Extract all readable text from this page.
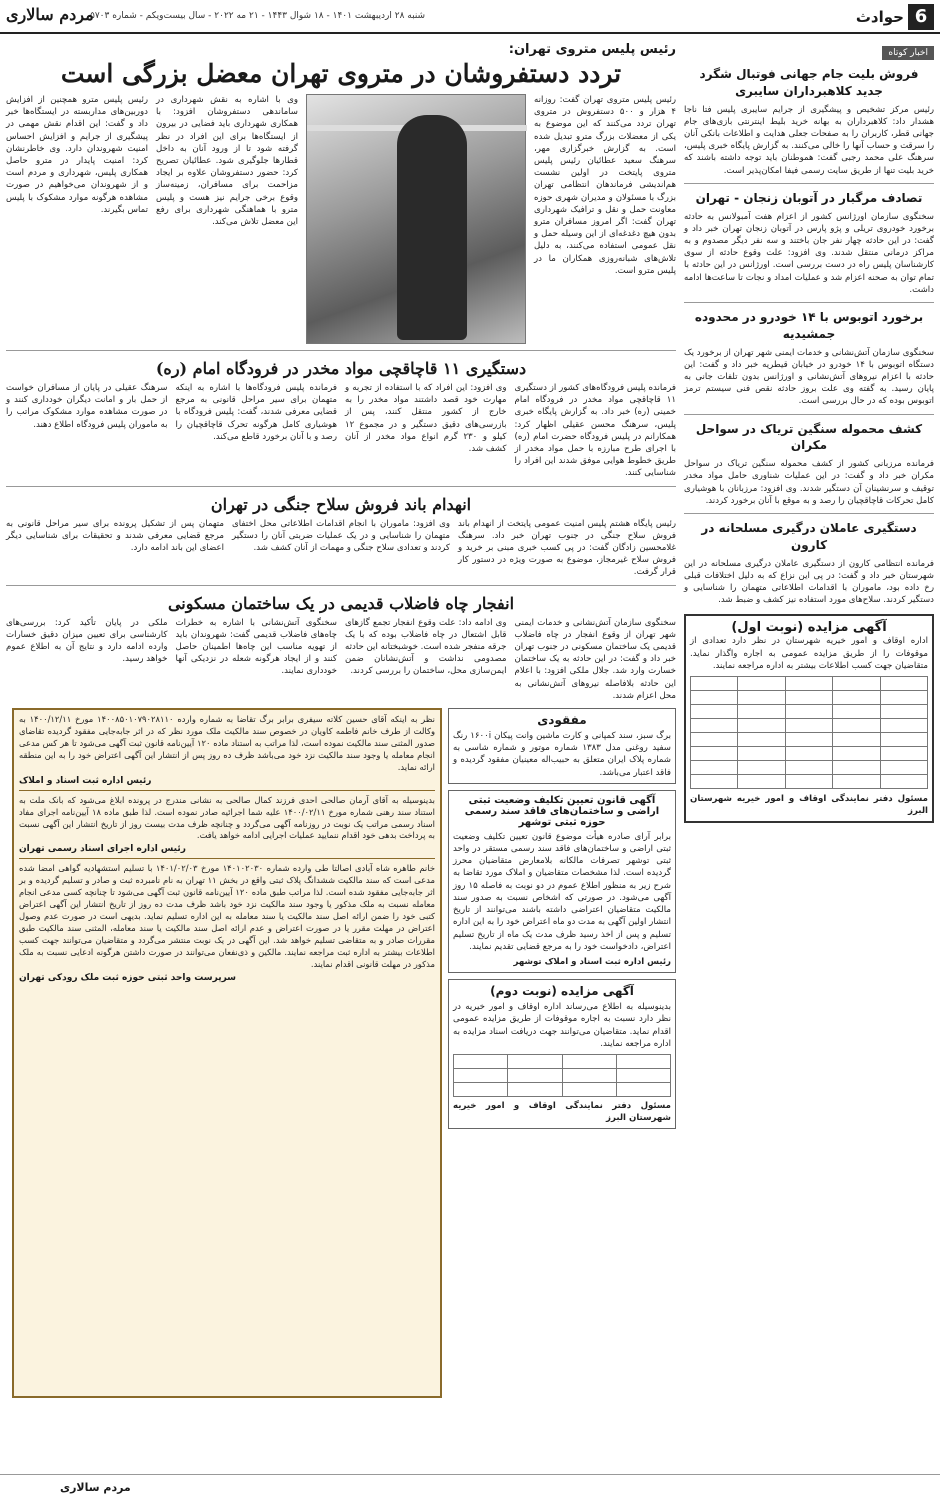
6
حوادث
شنبه ۲۸ اردیبهشت ۱۴۰۱ - ۱۸ شوال ۱۴۴۳ - ۲۱ مه ۲۰۲۲ - سال بیست‌ویکم - شماره ۵۷۰۳
مردم سالاری
اخبار کوتاه
فروش بلیت جام جهانی فوتبال شگرد جدید کلاهبرداران سایبری
رئیس مرکز تشخیص و پیشگیری از جرایم سایبری پلیس فتا ناجا هشدار داد: کلاهبرداران به بهانه خرید بلیط اینترنتی بازی‌های جام جهانی قطر، کاربران را به صفحات جعلی هدایت و اطلاعات بانکی آنان را سرقت و حساب آنها را خالی می‌کنند. به گزارش پایگاه خبری پلیس، سرهنگ علی محمد رجبی گفت: هموطنان باید توجه داشته باشند که خرید بلیت تنها از طریق سایت رسمی فیفا امکان‌پذیر است.
تصادف مرگبار در آتوبان زنجان - تهران
سخنگوی سازمان اورژانس کشور از اعزام هفت آمبولانس به حادثه برخورد خودروی تریلی و پژو پارس در آتوبان زنجان تهران خبر داد و گفت: در این حادثه چهار نفر جان باختند و سه نفر دیگر مصدوم و به مراکز درمانی منتقل شدند. وی افزود: علت وقوع حادثه از سوی کارشناسان پلیس راه در دست بررسی است. اورژانس در این حادثه با تمام توان به صحنه اعزام شد و عملیات امداد و نجات تا ساعت‌ها ادامه داشت.
برخورد اتوبوس با ۱۴ خودرو در محدوده جمشیدیه
سخنگوی سازمان آتش‌نشانی و خدمات ایمنی شهر تهران از برخورد یک دستگاه اتوبوس با ۱۴ خودرو در خیابان قیطریه خبر داد و گفت: این حادثه با اعزام نیروهای آتش‌نشانی و اورژانس بدون تلفات جانی به پایان رسید. به گفته وی علت بروز حادثه نقص فنی سیستم ترمز اتوبوس بوده که در حال بررسی است.
کشف محموله سنگین تریاک در سواحل مکران
فرمانده مرزبانی کشور از کشف محموله سنگین تریاک در سواحل مکران خبر داد و گفت: در این عملیات شناوری حامل مواد مخدر توقیف و سرنشینان آن دستگیر شدند. وی افزود: مرزبانان با هوشیاری کامل تحرکات قاچاقچیان را رصد و به موقع با آنان برخورد کردند.
دستگیری عاملان درگیری مسلحانه در کارون
فرمانده انتظامی کارون از دستگیری عاملان درگیری مسلحانه در این شهرستان خبر داد و گفت: در پی این نزاع که به دلیل اختلافات قبلی رخ داده بود، ماموران با اقدامات اطلاعاتی متهمان را شناسایی و دستگیر کردند. سلاح‌های مورد استفاده نیز کشف و ضبط شد.
آگهی مزایده (نوبت اول)
اداره اوقاف و امور خیریه شهرستان در نظر دارد تعدادی از موقوفات را از طریق مزایده عمومی به اجاره واگذار نماید. متقاضیان جهت کسب اطلاعات بیشتر به اداره مراجعه نمایند.

مسئول دفتر نمایندگی اوقاف و امور خیریه شهرستان البرز
رئیس پلیس متروی تهران:
تردد دستفروشان در متروی تهران معضل بزرگی است
رئیس پلیس متروی تهران گفت: روزانه ۴ هزار و ۵۰۰ دستفروش در متروی تهران تردد می‌کنند که این موضوع به یکی از معضلات بزرگ مترو تبدیل شده است. به گزارش خبرگزاری مهر، سرهنگ سعید عطائیان رئیس پلیس متروی پایتخت در اولین نشست هم‌اندیشی فرماندهان انتظامی تهران بزرگ با مسئولان و مدیران شهری حوزه معاونت حمل و نقل و ترافیک شهرداری تهران گفت: اگر امروز مسافران مترو بدون هیچ دغدغه‌ای از این وسیله حمل و نقل عمومی استفاده می‌کنند، به دلیل تلاش‌های شبانه‌روزی همکاران ما در پلیس مترو است.
وی با اشاره به نقش شهرداری در ساماندهی دستفروشان افزود: با همکاری شهرداری باید فضایی در بیرون از ایستگاه‌ها برای این افراد در نظر گرفته شود تا از ورود آنان به داخل قطارها جلوگیری شود. عطائیان تصریح کرد: حضور دستفروشان علاوه بر ایجاد مزاحمت برای مسافران، زمینه‌ساز وقوع برخی جرایم نیز هست و پلیس مترو با هماهنگی شهرداری برای رفع این معضل تلاش می‌کند.
رئیس پلیس مترو همچنین از افزایش دوربین‌های مداربسته در ایستگاه‌ها خبر داد و گفت: این اقدام نقش مهمی در پیشگیری از جرایم و افزایش احساس امنیت شهروندان دارد. وی خاطرنشان کرد: امنیت پایدار در مترو حاصل همکاری پلیس، شهرداری و مردم است و از شهروندان می‌خواهیم در صورت مشاهده هرگونه موارد مشکوک با پلیس تماس بگیرند.
دستگیری ۱۱ قاچاقچی مواد مخدر در فرودگاه امام (ره)
فرمانده پلیس فرودگاه‌های کشور از دستگیری ۱۱ قاچاقچی مواد مخدر در فرودگاه امام خمینی (ره) خبر داد. به گزارش پایگاه خبری پلیس، سرهنگ محسن عقیلی اظهار کرد: همکارانم در پلیس فرودگاه حضرت امام (ره) با اجرای طرح مبارزه با حمل مواد مخدر از طریق خطوط هوایی موفق شدند این افراد را شناسایی کنند.
وی افزود: این افراد که با استفاده از تجربه و مهارت خود قصد داشتند مواد مخدر را به خارج از کشور منتقل کنند، پس از بازرسی‌های دقیق دستگیر و در مجموع ۱۲ کیلو و ۲۳۰ گرم انواع مواد مخدر از آنان کشف شد.
فرمانده پلیس فرودگاه‌ها با اشاره به اینکه متهمان برای سیر مراحل قانونی به مرجع قضایی معرفی شدند، گفت: پلیس فرودگاه با هوشیاری کامل هرگونه تحرک قاچاقچیان را رصد و با آنان برخورد قاطع می‌کند.
سرهنگ عقیلی در پایان از مسافران خواست از حمل بار و امانت دیگران خودداری کنند و در صورت مشاهده موارد مشکوک مراتب را به ماموران پلیس فرودگاه اطلاع دهند.
انهدام باند فروش سلاح جنگی در تهران
رئیس پایگاه هشتم پلیس امنیت عمومی پایتخت از انهدام باند فروش سلاح جنگی در جنوب تهران خبر داد. سرهنگ غلامحسین زادگان گفت: در پی کسب خبری مبنی بر خرید و فروش سلاح غیرمجاز، موضوع به صورت ویژه در دستور کار قرار گرفت.
وی افزود: ماموران با انجام اقدامات اطلاعاتی محل اختفای متهمان را شناسایی و در یک عملیات ضربتی آنان را دستگیر کردند و تعدادی سلاح جنگی و مهمات از آنان کشف شد.
متهمان پس از تشکیل پرونده برای سیر مراحل قانونی به مرجع قضایی معرفی شدند و تحقیقات برای شناسایی دیگر اعضای این باند ادامه دارد.
انفجار چاه فاضلاب قدیمی در یک ساختمان مسکونی
سخنگوی سازمان آتش‌نشانی و خدمات ایمنی شهر تهران از وقوع انفجار در چاه فاضلاب قدیمی یک ساختمان مسکونی در جنوب تهران خبر داد و گفت: در این حادثه به یک ساختمان خسارت وارد شد. جلال ملکی افزود: با اعلام این حادثه بلافاصله نیروهای آتش‌نشانی به محل اعزام شدند.
وی ادامه داد: علت وقوع انفجار تجمع گازهای قابل اشتعال در چاه فاضلاب بوده که با یک جرقه منفجر شده است. خوشبختانه این حادثه مصدومی نداشت و آتش‌نشانان ضمن ایمن‌سازی محل، ساختمان را بررسی کردند.
سخنگوی آتش‌نشانی با اشاره به خطرات چاه‌های فاضلاب قدیمی گفت: شهروندان باید از تهویه مناسب این چاه‌ها اطمینان حاصل کنند و از ایجاد هرگونه شعله در نزدیکی آنها خودداری نمایند.
ملکی در پایان تأکید کرد: بررسی‌های کارشناسی برای تعیین میزان دقیق خسارات وارده ادامه دارد و نتایج آن به اطلاع عموم خواهد رسید.
مفقودی
برگ سبز، سند کمپانی و کارت ماشین وانت پیکان ۱۶۰۰i رنگ سفید روغنی مدل ۱۳۸۳ شماره موتور و شماره شاسی به شماره پلاک ایران متعلق به حبیب‌اله معینیان مفقود گردیده و فاقد اعتبار می‌باشد.
آگهی قانون تعیین تکلیف وضعیت ثبتی اراضی و ساختمان‌های فاقد سند رسمی حوزه ثبتی توشهر
برابر آرای صادره هیأت موضوع قانون تعیین تکلیف وضعیت ثبتی اراضی و ساختمان‌های فاقد سند رسمی مستقر در واحد ثبتی توشهر تصرفات مالکانه بلامعارض متقاضیان محرز گردیده است. لذا مشخصات متقاضیان و املاک مورد تقاضا به شرح زیر به منظور اطلاع عموم در دو نوبت به فاصله ۱۵ روز آگهی می‌شود. در صورتی که اشخاص نسبت به صدور سند مالکیت متقاضیان اعتراضی داشته باشند می‌توانند از تاریخ انتشار اولین آگهی به مدت دو ماه اعتراض خود را به این اداره تسلیم و پس از اخذ رسید ظرف مدت یک ماه از تاریخ تسلیم اعتراض، دادخواست خود را به مرجع قضایی تقدیم نمایند.
رئیس اداره ثبت اسناد و املاک توشهر
آگهی مزایده (نوبت دوم)
بدینوسیله به اطلاع می‌رساند اداره اوقاف و امور خیریه در نظر دارد نسبت به اجاره موقوفات از طریق مزایده عمومی اقدام نماید. متقاضیان می‌توانند جهت دریافت اسناد مزایده به اداره مراجعه نمایند.

مسئول دفتر نمایندگی اوقاف و امور خیریه شهرستان البرز
نظر به اینکه آقای حسین کلاته سیفری برابر برگ تقاضا به شماره وارده ۱۴۰۰۸۵۰۱۰۷۹۰۲۸۱۱۰ مورخ ۱۴۰۰/۱۲/۱۱ به وکالت از طرف خانم فاطمه کاویان در خصوص سند مالکیت ملک مورد نظر که در اثر جابه‌جایی مفقود گردیده تقاضای صدور المثنی سند مالکیت نموده است، لذا مراتب به استناد ماده ۱۲۰ آیین‌نامه قانون ثبت آگهی می‌شود تا هر کس مدعی انجام معامله یا وجود سند مالکیت نزد خود می‌باشد ظرف ده روز پس از انتشار این آگهی اعتراض خود را به این منطقه ارائه نماید.
رئیس اداره ثبت اسناد و املاک
بدینوسیله به آقای آرمان صالحی احدی فرزند کمال صالحی به نشانی مندرج در پرونده ابلاغ می‌شود که بانک ملت به استناد سند رهنی شماره مورخ ۱۴۰۰/۰۲/۱۱ علیه شما اجرائیه صادر نموده است. لذا طبق ماده ۱۸ آیین‌نامه اجرای مفاد اسناد رسمی مراتب یک نوبت در روزنامه آگهی می‌گردد و چنانچه ظرف مدت بیست روز از تاریخ انتشار این آگهی نسبت به پرداخت بدهی خود اقدام ننمایید عملیات اجرایی ادامه خواهد یافت.
رئیس اداره اجرای اسناد رسمی تهران
خانم طاهره شاه آبادی اصالتا طی وارده شماره ۱۴۰۱۰۲۰۳۰ مورخ ۱۴۰۱/۰۲/۰۳ با تسلیم استشهادیه گواهی امضا شده مدعی است که سند مالکیت ششدانگ پلاک ثبتی واقع در بخش ۱۱ تهران به نام نامبرده ثبت و صادر و تسلیم گردیده و بر اثر جابه‌جایی مفقود شده است. لذا مراتب طبق ماده ۱۲۰ آیین‌نامه قانون ثبت آگهی می‌شود تا چنانچه کسی مدعی انجام معامله نسبت به ملک مذکور یا وجود سند مالکیت نزد خود باشد ظرف مدت ده روز از تاریخ انتشار این آگهی اعتراض کتبی خود را ضمن ارائه اصل سند مالکیت یا سند معامله به این اداره تسلیم نماید. بدیهی است در صورت عدم وصول اعتراض در مهلت مقرر یا در صورت اعتراض و عدم ارائه اصل سند مالکیت یا سند معامله، المثنی سند مالکیت طبق مقررات صادر و به متقاضی تسلیم خواهد شد. این آگهی در یک نوبت منتشر می‌گردد و متقاضیان می‌توانند جهت کسب اطلاعات بیشتر به اداره ثبت مراجعه نمایند. مالکین و ذی‌نفعان می‌توانند در صورت داشتن هرگونه ادعایی نسبت به ملک مذکور در مهلت قانونی اقدام نمایند.
سرپرست واحد ثبتی حوزه ثبت ملک رودکی تهران
مردم سالاری
